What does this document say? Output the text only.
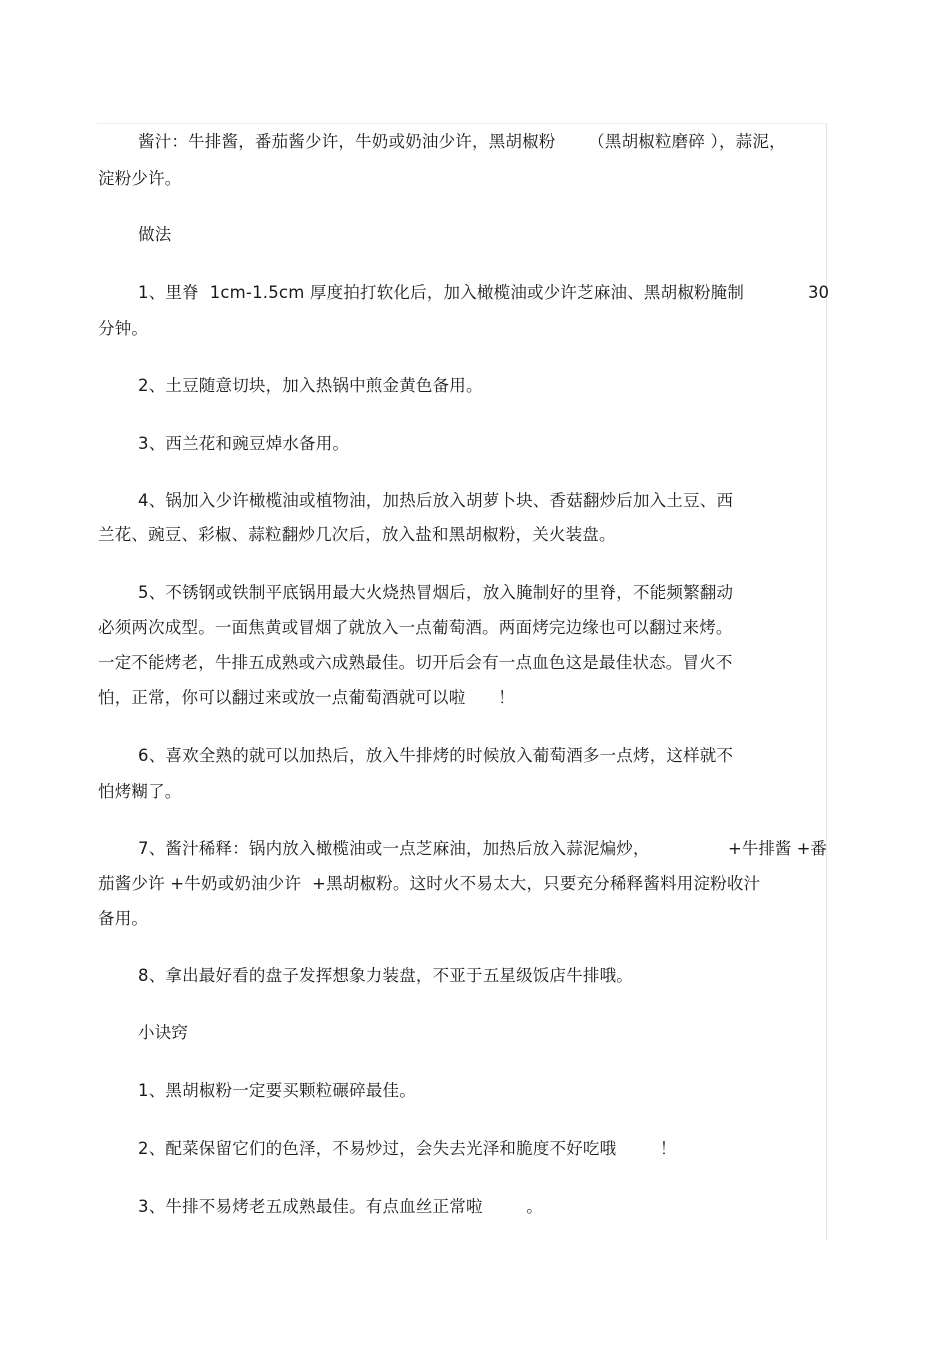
酱汁：牛排酱，番茄酱少许，牛奶或奶油少许，黑胡椒粉      （黑胡椒粒磨碎 ），蒜泥，
淀粉少许。
做法
1、里脊  1cm-1.5cm 厚度拍打软化后，加入橄榄油或少许芝麻油、黑胡椒粉腌制	30
分钟。
2、土豆随意切块，加入热锅中煎金黄色备用。
3、西兰花和豌豆焯水备用。
4、锅加入少许橄榄油或植物油，加热后放入胡萝卜块、香菇翻炒后加入土豆、西
兰花、豌豆、彩椒、蒜粒翻炒几次后，放入盐和黑胡椒粉，关火装盘。
5、不锈钢或铁制平底锅用最大火烧热冒烟后，放入腌制好的里脊，不能频繁翻动
必须两次成型。一面焦黄或冒烟了就放入一点葡萄酒。两面烤完边缘也可以翻过来烤。
一定不能烤老，牛排五成熟或六成熟最佳。切开后会有一点血色这是最佳状态。冒火不
怕，正常，你可以翻过来或放一点葡萄酒就可以啦      ！
6、喜欢全熟的就可以加热后，放入牛排烤的时候放入葡萄酒多一点烤，这样就不
怕烤糊了。
7、酱汁稀释：锅内放入橄榄油或一点芝麻油，加热后放入蒜泥煸炒，	+牛排酱 +番
茄酱少许 +牛奶或奶油少许  +黑胡椒粉。这时火不易太大，只要充分稀释酱料用淀粉收汁
备用。
8、拿出最好看的盘子发挥想象力装盘，不亚于五星级饭店牛排哦。
小诀窍
1、黑胡椒粉一定要买颗粒碾碎最佳。
2、配菜保留它们的色泽，不易炒过，会失去光泽和脆度不好吃哦        ！
3、牛排不易烤老五成熟最佳。有点血丝正常啦        。
